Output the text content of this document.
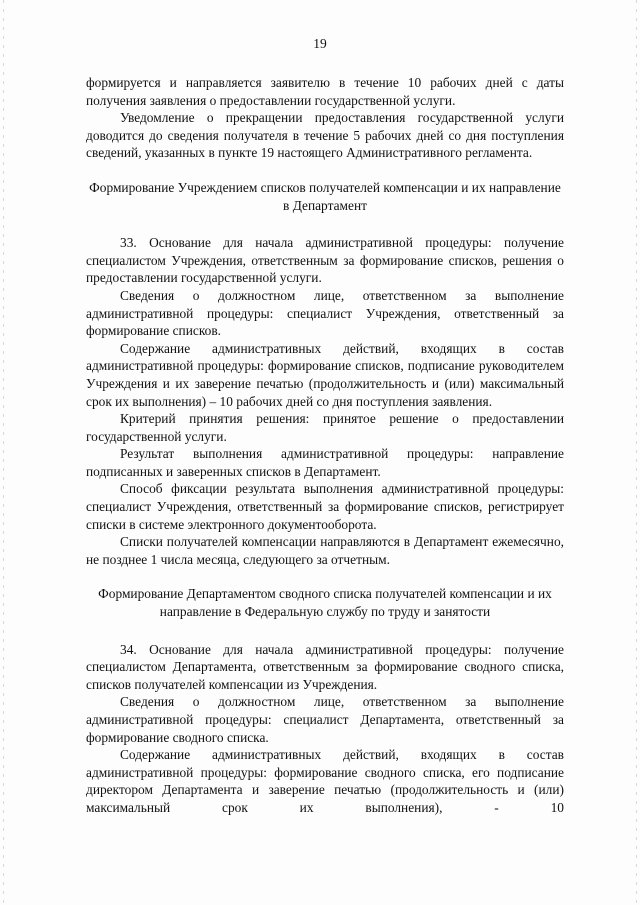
19

формируется и направляется заявителю в течение 10 рабочих дней с даты получения заявления о предоставлении государственной услуги.

Уведомление о прекращении предоставления государственной услуги доводится до сведения получателя в течение 5 рабочих дней со дня поступления сведений, указанных в пункте 19 настоящего Административного регламента.

Формирование Учреждением списков получателей компенсации и их направление в Департамент

33. Основание для начала административной процедуры: получение специалистом Учреждения, ответственным за формирование списков, решения о предоставлении государственной услуги.

Сведения о должностном лице, ответственном за выполнение административной процедуры: специалист Учреждения, ответственный за формирование списков.

Содержание административных действий, входящих в состав административной процедуры: формирование списков, подписание руководителем Учреждения и их заверение печатью (продолжительность и (или) максимальный срок их выполнения) – 10 рабочих дней со дня поступления заявления.

Критерий принятия решения: принятое решение о предоставлении государственной услуги.

Результат выполнения административной процедуры: направление подписанных и заверенных списков в Департамент.

Способ фиксации результата выполнения административной процедуры: специалист Учреждения, ответственный за формирование списков, регистрирует списки в системе электронного документооборота.

Списки получателей компенсации направляются в Департамент ежемесячно, не позднее 1 числа месяца, следующего за отчетным.

Формирование Департаментом сводного списка получателей компенсации и их направление в Федеральную службу по труду и занятости

34. Основание для начала административной процедуры: получение специалистом Департамента, ответственным за формирование сводного списка, списков получателей компенсации из Учреждения.

Сведения о должностном лице, ответственном за выполнение административной процедуры: специалист Департамента, ответственный за формирование сводного списка.

Содержание административных действий, входящих в состав административной процедуры: формирование сводного списка, его подписание директором Департамента и заверение печатью (продолжительность и (или) максимальный срок их выполнения), - 10
